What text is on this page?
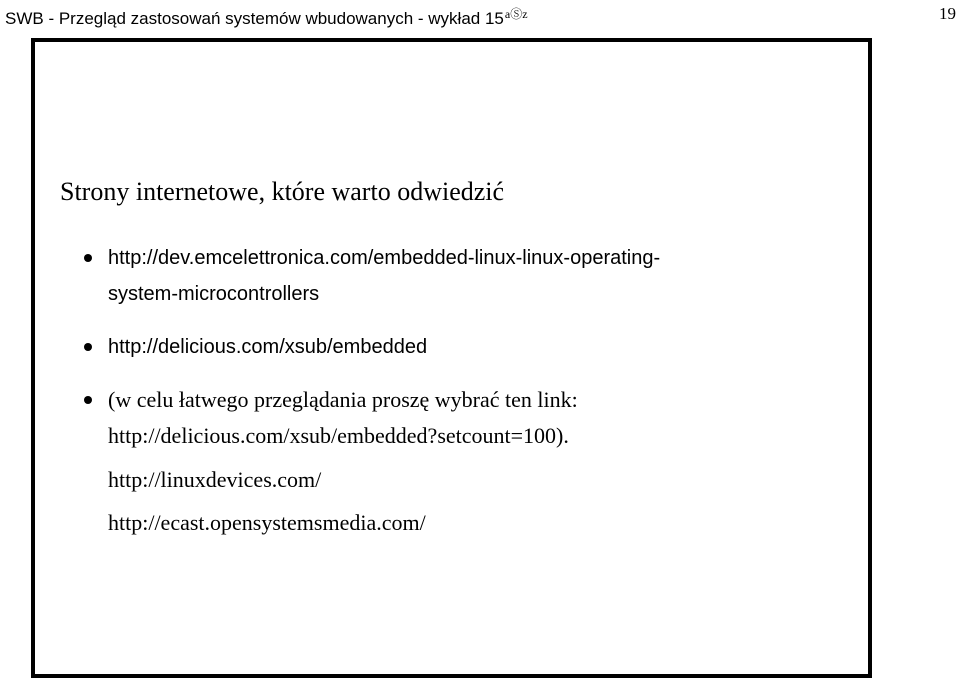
SWB - Przegląd zastosowań systemów wbudowanych - wykład $15^{aⓈz}$	19
Strony internetowe, które warto odwiedzić
http://dev.emcelettronica.com/embedded-linux-linux-operating-
system-microcontrollers
http://delicious.com/xsub/embedded
(w celu łatwego przeglądania proszę wybrać ten link:
http://delicious.com/xsub/embedded?setcount=100).
http://linuxdevices.com/
http://ecast.opensystemsmedia.com/
